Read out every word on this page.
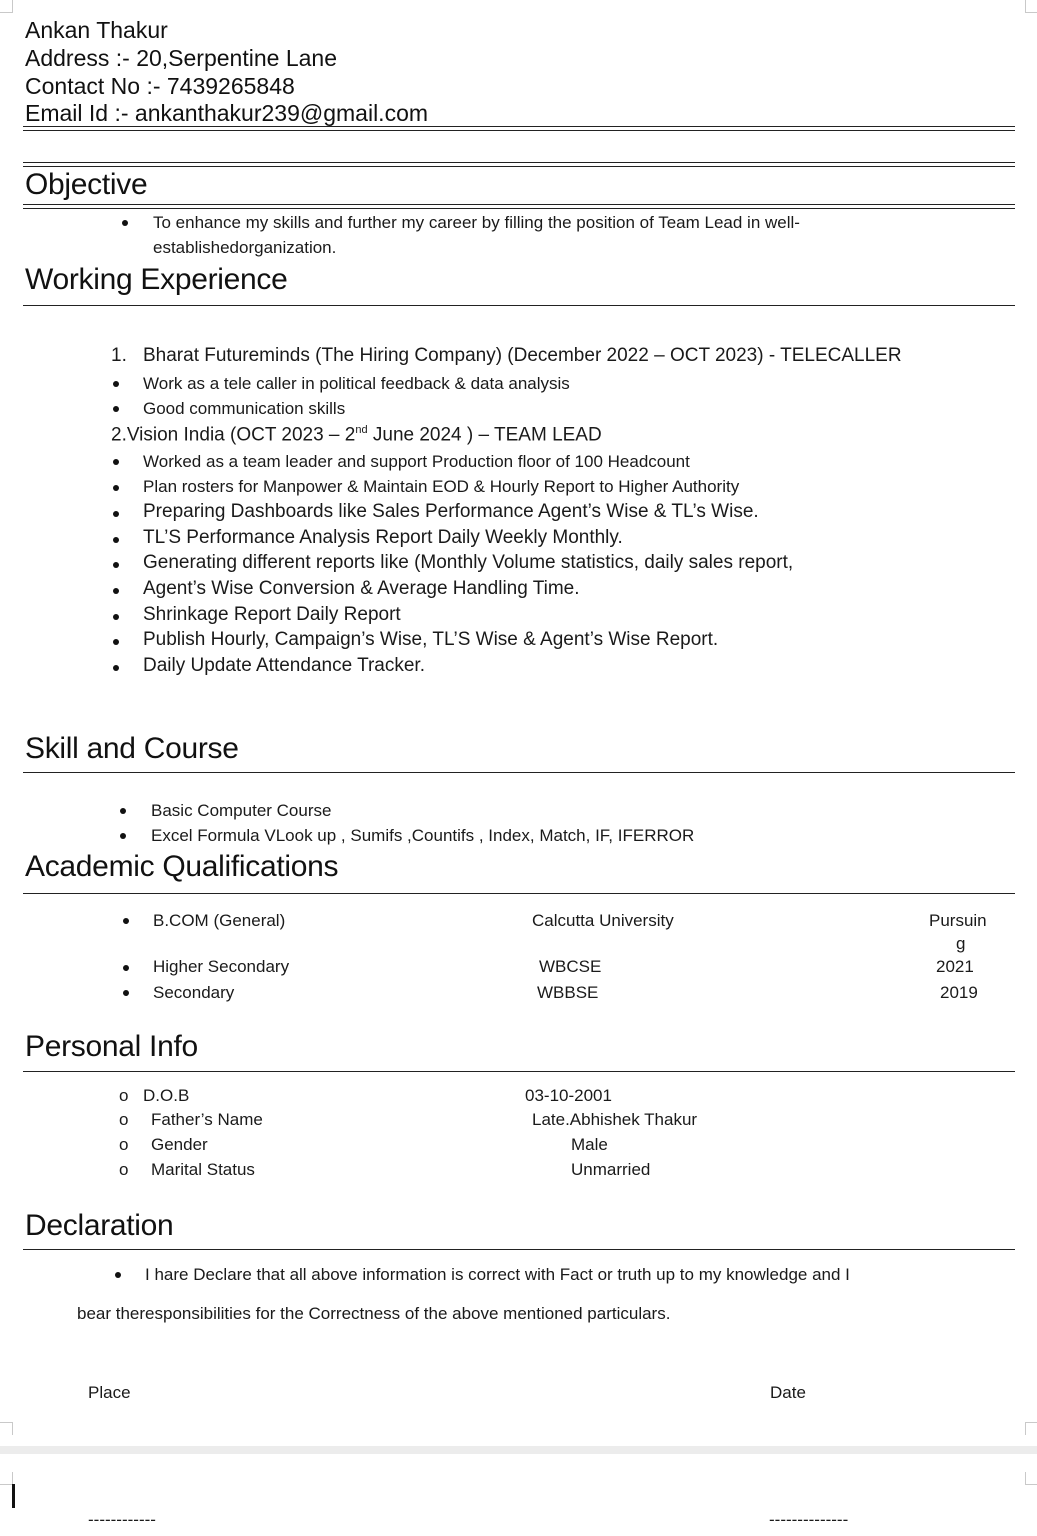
Ankan Thakur
Address :- 20,Serpentine Lane
Contact No :- 7439265848
Email Id :- ankanthakur239@gmail.com
Objective
To enhance my skills and further my career by filling the position of Team Lead in well-
establishedorganization.
Working Experience
1. Bharat Futureminds (The Hiring Company) (December 2022 – OCT 2023) - TELECALLER
Work as a tele caller in political feedback & data analysis
Good communication skills
2.Vision India (OCT 2023 – 2nd June 2024 ) – TEAM LEAD
Worked as a team leader and support Production floor of 100 Headcount
Plan rosters for Manpower & Maintain EOD & Hourly Report to Higher Authority
Preparing Dashboards like Sales Performance Agent’s Wise & TL’s Wise.
TL’S Performance Analysis Report Daily Weekly Monthly.
Generating different reports like (Monthly Volume statistics, daily sales report,
Agent’s Wise Conversion & Average Handling Time.
Shrinkage Report Daily Report
Publish Hourly, Campaign’s Wise, TL’S Wise & Agent’s Wise Report.
Daily Update Attendance Tracker.
Skill and Course
Basic Computer Course
Excel Formula VLook up , Sumifs ,Countifs , Index, Match, IF, IFERROR
Academic Qualifications
B.COM (General)	Calcutta University	Pursuin
g
Higher Secondary	WBCSE	2021
Secondary	WBBSE	2019
Personal Info
o D.O.B	03-10-2001
o Father’s Name	Late.Abhishek Thakur
o Gender	Male
o Marital Status	Unmarried
Declaration
I hare Declare that all above information is correct with Fact or truth up to my knowledge and I
bear theresponsibilities for the Correctness of the above mentioned particulars.
Place	Date
------------	--------------
